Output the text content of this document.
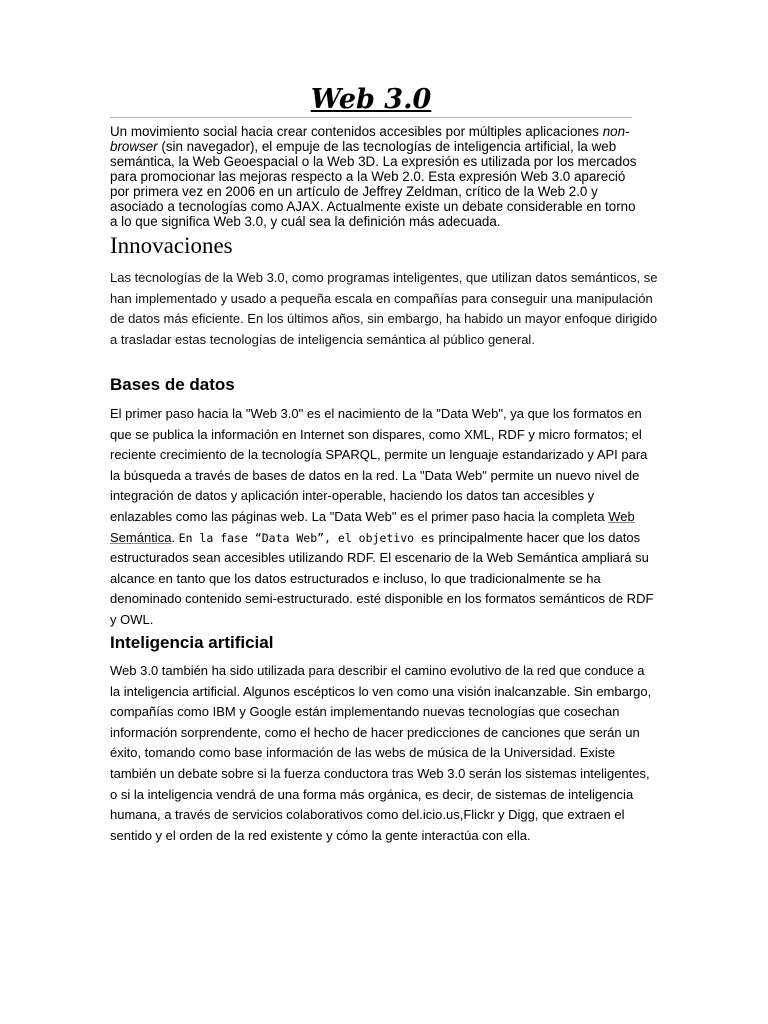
Web 3.0

Un movimiento social hacia crear contenidos accesibles por múltiples aplicaciones non-browser (sin navegador), el empuje de las tecnologías de inteligencia artificial, la web semántica, la Web Geoespacial o la Web 3D. La expresión es utilizada por los mercados para promocionar las mejoras respecto a la Web 2.0. Esta expresión Web 3.0 apareció por primera vez en 2006 en un artículo de Jeffrey Zeldman, crítico de la Web 2.0 y asociado a tecnologías como AJAX. Actualmente existe un debate considerable en torno a lo que significa Web 3.0, y cuál sea la definición más adecuada.

Innovaciones

Las tecnologías de la Web 3.0, como programas inteligentes, que utilizan datos semánticos, se han implementado y usado a pequeña escala en compañías para conseguir una manipulación de datos más eficiente. En los últimos años, sin embargo, ha habido un mayor enfoque dirigido a trasladar estas tecnologías de inteligencia semántica al público general.

Bases de datos

El primer paso hacia la "Web 3.0" es el nacimiento de la "Data Web", ya que los formatos en que se publica la información en Internet son dispares, como XML, RDF y micro formatos; el reciente crecimiento de la tecnología SPARQL, permite un lenguaje estandarizado y API para la búsqueda a través de bases de datos en la red. La "Data Web" permite un nuevo nivel de integración de datos y aplicación inter-operable, haciendo los datos tan accesibles y enlazables como las páginas web. La "Data Web" es el primer paso hacia la completa Web Semántica. En la fase “Data Web”, el objetivo es principalmente hacer que los datos estructurados sean accesibles utilizando RDF. El escenario de la Web Semántica ampliará su alcance en tanto que los datos estructurados e incluso, lo que tradicionalmente se ha denominado contenido semi-estructurado. esté disponible en los formatos semánticos de RDF y OWL.

Inteligencia artificial

Web 3.0 también ha sido utilizada para describir el camino evolutivo de la red que conduce a la inteligencia artificial. Algunos escépticos lo ven como una visión inalcanzable. Sin embargo, compañías como IBM y Google están implementando nuevas tecnologías que cosechan información sorprendente, como el hecho de hacer predicciones de canciones que serán un éxito, tomando como base información de las webs de música de la Universidad. Existe también un debate sobre si la fuerza conductora tras Web 3.0 serán los sistemas inteligentes, o si la inteligencia vendrá de una forma más orgánica, es decir, de sistemas de inteligencia humana, a través de servicios colaborativos como del.icio.us,Flickr y Digg, que extraen el sentido y el orden de la red existente y cómo la gente interactúa con ella.
